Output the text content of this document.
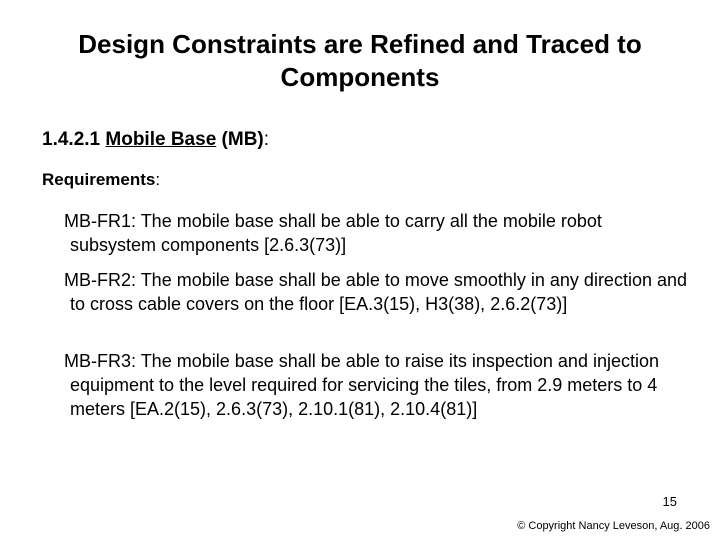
Design Constraints are Refined and Traced to
Components
1.4.2.1 Mobile Base (MB):
Requirements:
MB-FR1: The mobile base shall be able to carry all the mobile robot subsystem components [2.6.3(73)]
MB-FR2: The mobile base shall be able to move smoothly in any direction and to cross cable covers on the floor [EA.3(15), H3(38), 2.6.2(73)]
MB-FR3: The mobile base shall be able to raise its inspection and injection equipment to the level required for servicing the tiles, from 2.9 meters to 4 meters [EA.2(15), 2.6.3(73), 2.10.1(81), 2.10.4(81)]
15
© Copyright Nancy Leveson, Aug. 2006
